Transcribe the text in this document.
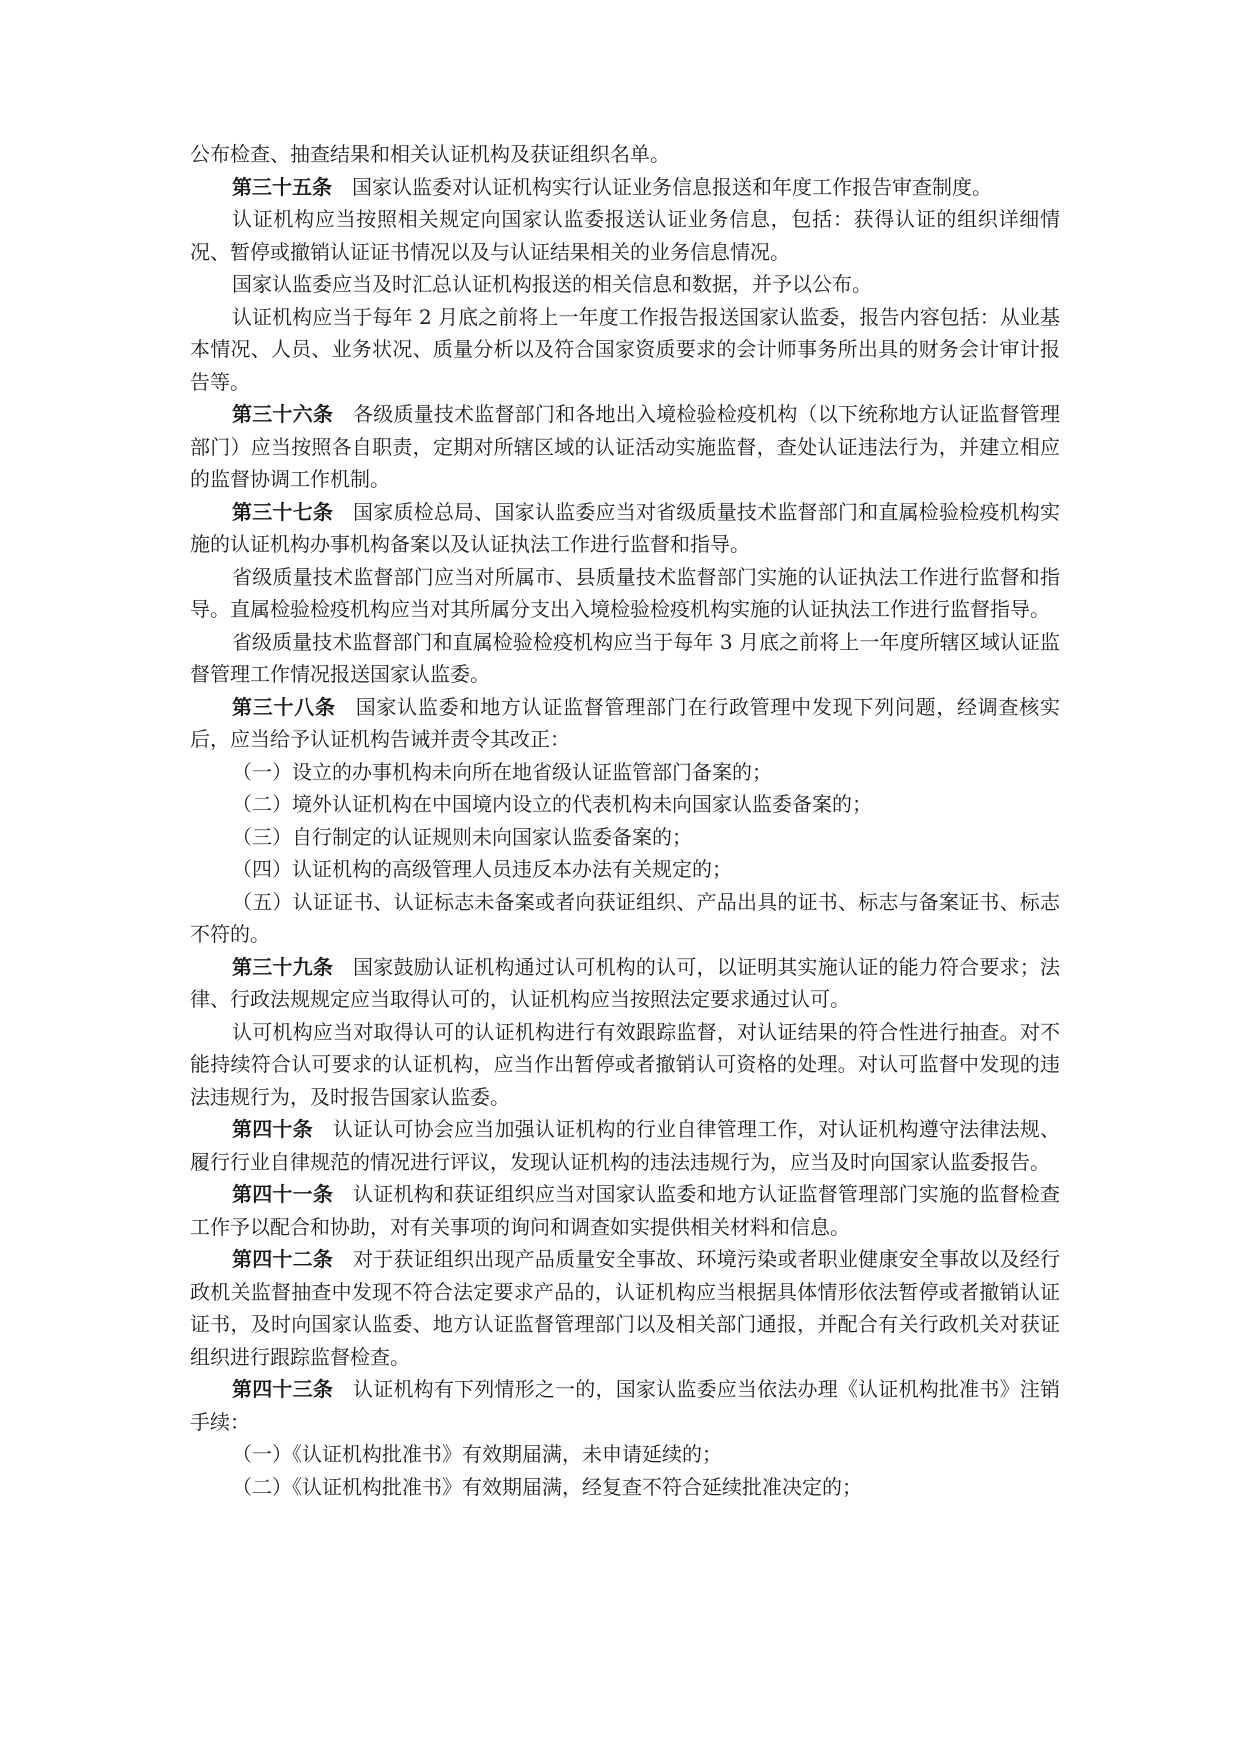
公布检查、抽查结果和相关认证机构及获证组织名单。

第三十五条 国家认监委对认证机构实行认证业务信息报送和年度工作报告审查制度。

认证机构应当按照相关规定向国家认监委报送认证业务信息，包括：获得认证的组织详细情况、暂停或撤销认证证书情况以及与认证结果相关的业务信息情况。

国家认监委应当及时汇总认证机构报送的相关信息和数据，并予以公布。

认证机构应当于每年 2 月底之前将上一年度工作报告报送国家认监委，报告内容包括：从业基本情况、人员、业务状况、质量分析以及符合国家资质要求的会计师事务所出具的财务会计审计报告等。

第三十六条 各级质量技术监督部门和各地出入境检验检疫机构（以下统称地方认证监督管理部门）应当按照各自职责，定期对所辖区域的认证活动实施监督，查处认证违法行为，并建立相应的监督协调工作机制。

第三十七条 国家质检总局、国家认监委应当对省级质量技术监督部门和直属检验检疫机构实施的认证机构办事机构备案以及认证执法工作进行监督和指导。

省级质量技术监督部门应当对所属市、县质量技术监督部门实施的认证执法工作进行监督和指导。直属检验检疫机构应当对其所属分支出入境检验检疫机构实施的认证执法工作进行监督指导。

省级质量技术监督部门和直属检验检疫机构应当于每年 3 月底之前将上一年度所辖区域认证监督管理工作情况报送国家认监委。

第三十八条 国家认监委和地方认证监督管理部门在行政管理中发现下列问题，经调查核实后，应当给予认证机构告诫并责令其改正：

（一）设立的办事机构未向所在地省级认证监管部门备案的；

（二）境外认证机构在中国境内设立的代表机构未向国家认监委备案的；

（三）自行制定的认证规则未向国家认监委备案的；

（四）认证机构的高级管理人员违反本办法有关规定的；

（五）认证证书、认证标志未备案或者向获证组织、产品出具的证书、标志与备案证书、标志不符的。

第三十九条 国家鼓励认证机构通过认可机构的认可，以证明其实施认证的能力符合要求；法律、行政法规规定应当取得认可的，认证机构应当按照法定要求通过认可。

认可机构应当对取得认可的认证机构进行有效跟踪监督，对认证结果的符合性进行抽查。对不能持续符合认可要求的认证机构，应当作出暂停或者撤销认可资格的处理。对认可监督中发现的违法违规行为，及时报告国家认监委。

第四十条 认证认可协会应当加强认证机构的行业自律管理工作，对认证机构遵守法律法规、履行行业自律规范的情况进行评议，发现认证机构的违法违规行为，应当及时向国家认监委报告。

第四十一条 认证机构和获证组织应当对国家认监委和地方认证监督管理部门实施的监督检查工作予以配合和协助，对有关事项的询问和调查如实提供相关材料和信息。

第四十二条 对于获证组织出现产品质量安全事故、环境污染或者职业健康安全事故以及经行政机关监督抽查中发现不符合法定要求产品的，认证机构应当根据具体情形依法暂停或者撤销认证证书，及时向国家认监委、地方认证监督管理部门以及相关部门通报，并配合有关行政机关对获证组织进行跟踪监督检查。

第四十三条 认证机构有下列情形之一的，国家认监委应当依法办理《认证机构批准书》注销手续：

（一）《认证机构批准书》有效期届满，未申请延续的；

（二）《认证机构批准书》有效期届满，经复查不符合延续批准决定的；
